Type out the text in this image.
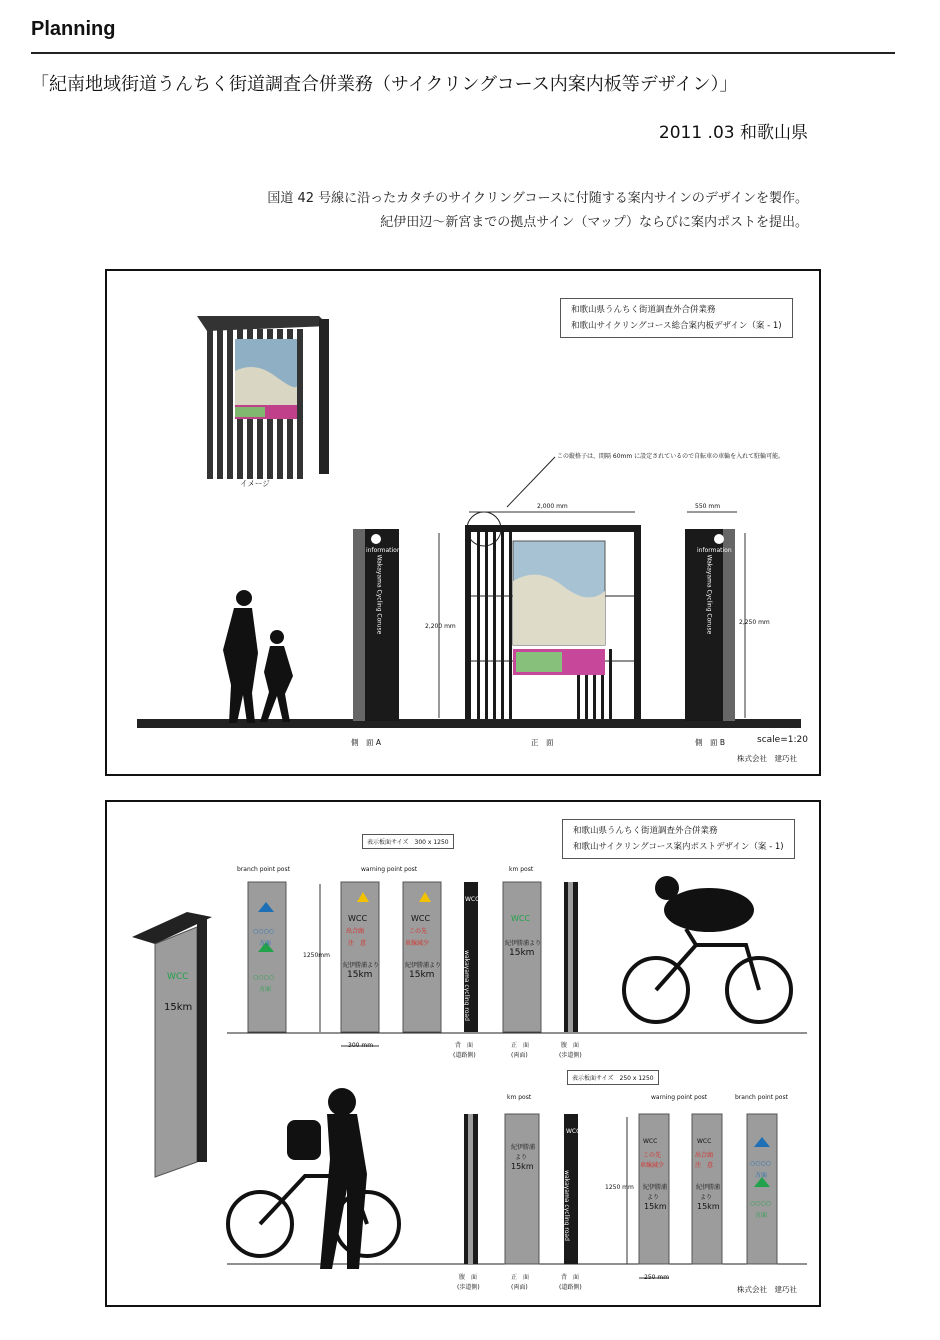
Planning
「紀南地域街道うんちく街道調査合併業務（サイクリングコース内案内板等デザイン）」
2011 .03 和歌山県
国道 42 号線に沿ったカタチのサイクリングコースに付随する案内サインのデザインを製作。
紀伊田辺〜新宮までの拠点サイン（マップ）ならびに案内ポストを提出。
和歌山県うんちく街道調査外合併業務
和歌山サイクリングコース総合案内板デザイン（案 - 1)
イメージ
この縦格子は、間隔 60mm に設定されているので自転車の車輪を入れて駐輪可能。
2,000 mm	550 mm
2,200 mm
2,250 mm
information	information
Wakayama Cycling Coruse	Wakayama Cycling Coruse
側　面 A	正　面	側　面 B	scale=1:20
株式会社　建巧社
和歌山県うんちく街道調査外合併業務
和歌山サイクリングコース案内ポストデザイン（案 - 1)
表示板面サイズ　300 x 1250
表示板面サイズ　250 x 1250
branch point post	warning point post	km post
km post	warning point post	branch point post
1250mm
300 mm
1250 mm
250 mm
WCC
出合頭
注　意
紀伊勝浦より
15km
WCC
この先
車線減少
紀伊勝浦より
15km
WCC
紀伊勝浦より
15km
○○○○
方面
○○○○
方面
WCC
wakayama cycling road
15km
WCC
背　面
(道路側)
正　面
(両面)
腹　面
(歩道側)
紀伊勝浦
より
15km
WCC
wakayama cycling road
WCC
この先
車線減少
紀伊勝浦
より
15km
WCC
出合頭
注　意
紀伊勝浦
より
15km
○○○○
方面
○○○○
方面
腹　面
(歩道側)
正　面
(両面)
背　面
(道路側)	株式会社　建巧社
